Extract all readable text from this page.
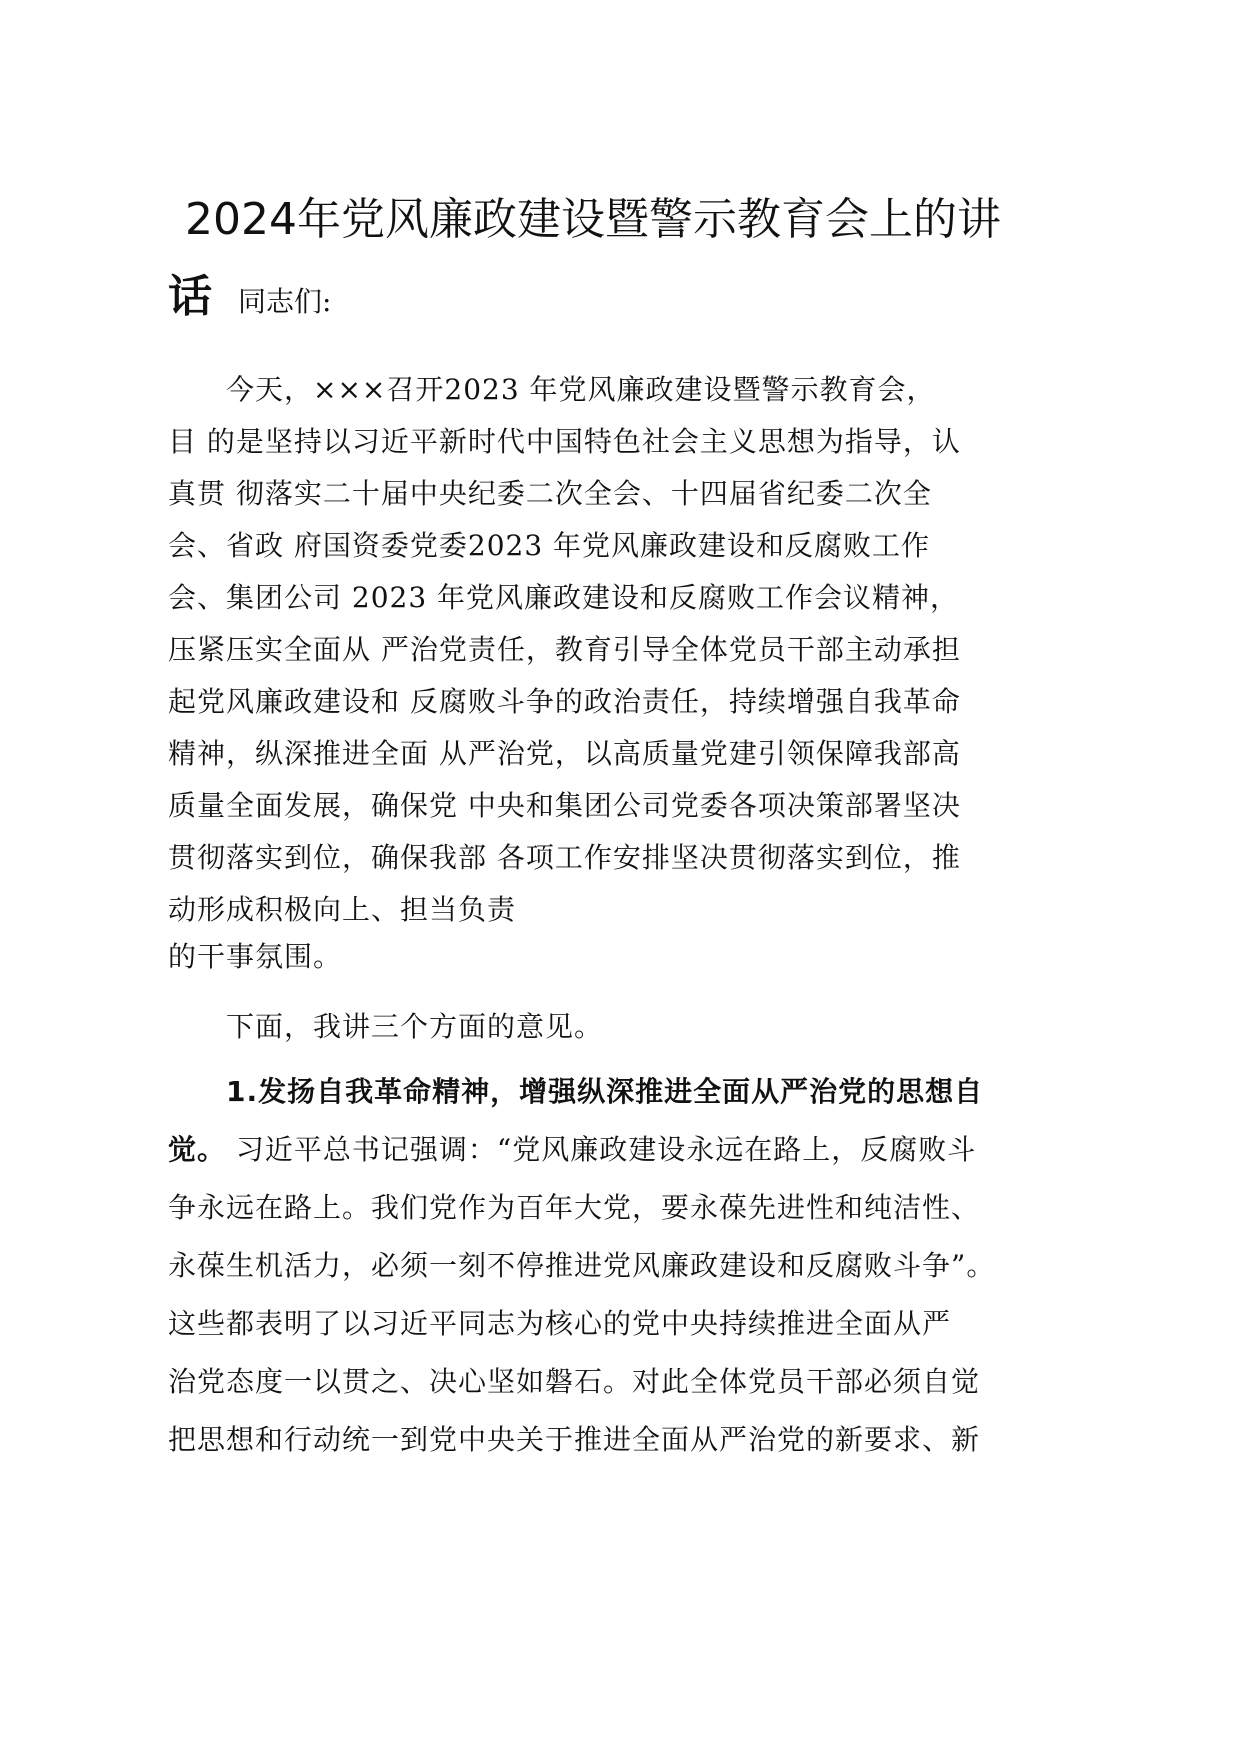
2024年党风廉政建设暨警示教育会上的讲
话同志们:
　　今天，×××召开2023 年党风廉政建设暨警示教育会，
目 的是坚持以习近平新时代中国特色社会主义思想为指导，认
真贯 彻落实二十届中央纪委二次全会、十四届省纪委二次全
会、省政 府国资委党委2023 年党风廉政建设和反腐败工作
会、集团公司 2023 年党风廉政建设和反腐败工作会议精神，
压紧压实全面从 严治党责任，教育引导全体党员干部主动承担
起党风廉政建设和 反腐败斗争的政治责任，持续增强自我革命
精神，纵深推进全面 从严治党，以高质量党建引领保障我部高
质量全面发展，确保党 中央和集团公司党委各项决策部署坚决
贯彻落实到位，确保我部 各项工作安排坚决贯彻落实到位，推
动形成积极向上、担当负责
的干事氛围。
　　下面，我讲三个方面的意见。
　　1.发扬自我革命精神，增强纵深推进全面从严治党的思想自
觉。 习近平总书记强调：“党风廉政建设永远在路上，反腐败斗
争永远在路上。我们党作为百年大党，要永葆先进性和纯洁性、
永葆生机活力，必须一刻不停推进党风廉政建设和反腐败斗争”。
这些都表明了以习近平同志为核心的党中央持续推进全面从严
治党态度一以贯之、决心坚如磐石。对此全体党员干部必须自觉
把思想和行动统一到党中央关于推进全面从严治党的新要求、新
